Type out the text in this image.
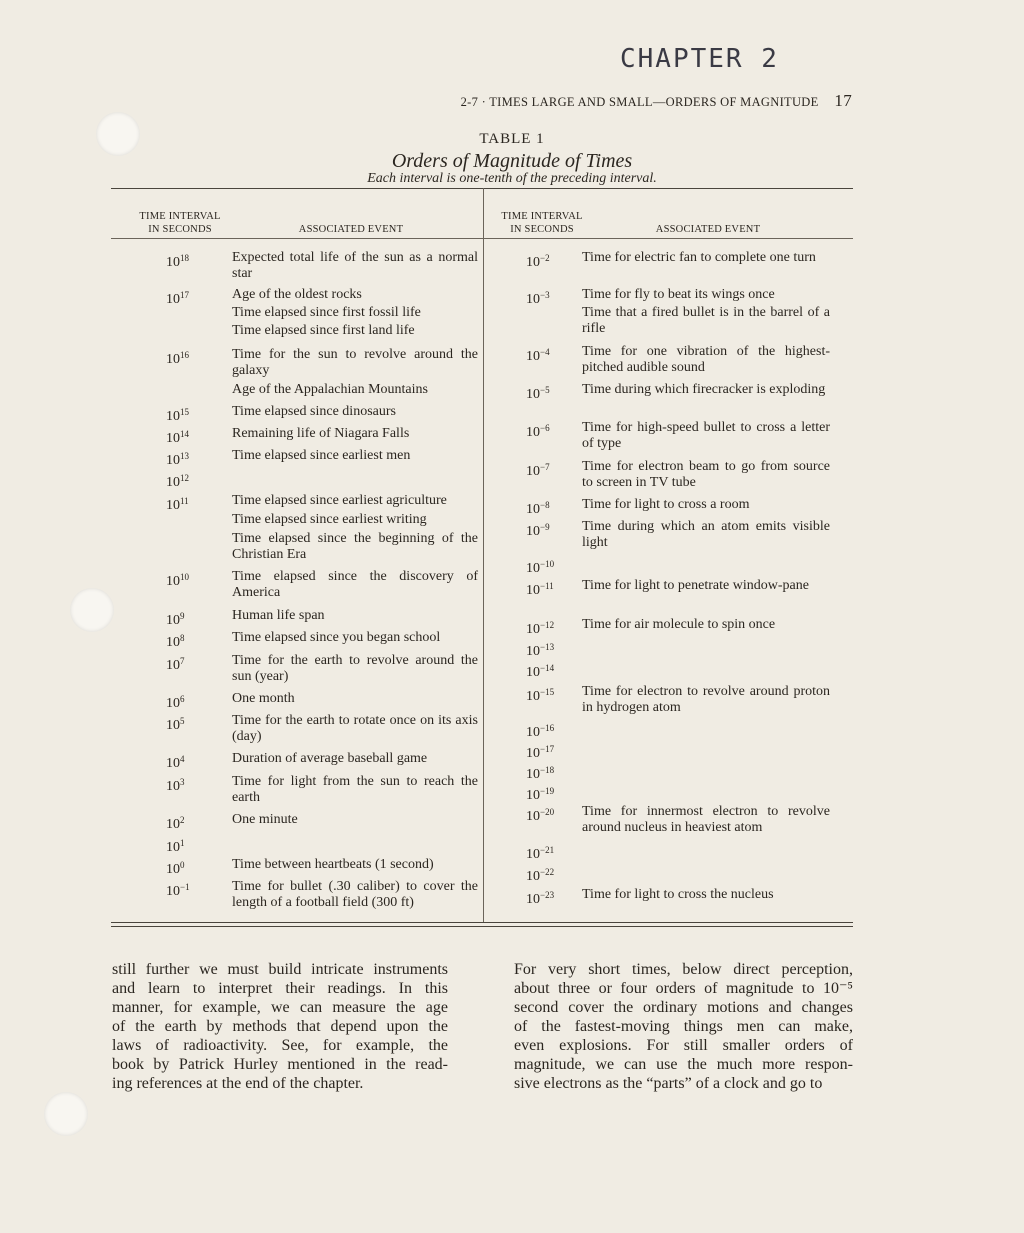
CHAPTER 2
2-7 · TIMES LARGE AND SMALL—ORDERS OF MAGNITUDE 17
TABLE 1
Orders of Magnitude of Times
Each interval is one-tenth of the preceding interval.
TIME INTERVAL
IN SECONDS	ASSOCIATED EVENT
TIME INTERVAL
IN SECONDS	ASSOCIATED EVENT
$10^{18}$	Expected total life of the sun as a normal star
$10^{17}$	Age of the oldest rocks
Time elapsed since first fossil life
Time elapsed since first land life
$10^{16}$	Time for the sun to revolve around the galaxy
Age of the Appalachian Mountains
$10^{15}$	Time elapsed since dinosaurs
$10^{14}$	Remaining life of Niagara Falls
$10^{13}$	Time elapsed since earliest men
$10^{12}$
$10^{11}$	Time elapsed since earliest agriculture
Time elapsed since earliest writing
Time elapsed since the beginning of the Christian Era
$10^{10}$	Time elapsed since the discovery of America
$10^9$	Human life span
$10^8$	Time elapsed since you began school
$10^7$	Time for the earth to revolve around the sun (year)
$10^6$	One month
$10^5$	Time for the earth to rotate once on its axis (day)
$10^4$	Duration of average baseball game
$10^3$	Time for light from the sun to reach the earth
$10^2$	One minute
$10^1$
$10^0$	Time between heartbeats (1 second)
$10^{-1}$	Time for bullet (.30 caliber) to cover the length of a football field (300 ft)
$10^{-2}$ Time for electric fan to complete one turn
$10^{-3}$ Time for fly to beat its wings once
Time that a fired bullet is in the barrel of a rifle
$10^{-4}$ Time for one vibration of the highest-pitched audible sound
$10^{-5}$ Time during which firecracker is exploding
$10^{-6}$ Time for high-speed bullet to cross a letter of type
$10^{-7}$ Time for electron beam to go from source to screen in TV tube
$10^{-8}$ Time for light to cross a room
$10^{-9}$ Time during which an atom emits visible light
$10^{-10}$
$10^{-11}$ Time for light to penetrate window-pane
$10^{-12}$ Time for air molecule to spin once
$10^{-13}$
$10^{-14}$
$10^{-15}$ Time for electron to revolve around proton in hydrogen atom
$10^{-16}$
$10^{-17}$
$10^{-18}$
$10^{-19}$
$10^{-20}$ Time for innermost electron to revolve around nucleus in heaviest atom
$10^{-21}$
$10^{-22}$
$10^{-23}$ Time for light to cross the nucleus
still further we must build intricate instruments
and learn to interpret their readings. In this
manner, for example, we can measure the age
of the earth by methods that depend upon the
laws of radioactivity. See, for example, the
book by Patrick Hurley mentioned in the read-
ing references at the end of the chapter.
For very short times, below direct perception,
about three or four orders of magnitude to 10⁻⁵
second cover the ordinary motions and changes
of the fastest-moving things men can make,
even explosions. For still smaller orders of
magnitude, we can use the much more respon-
sive electrons as the “parts” of a clock and go to
